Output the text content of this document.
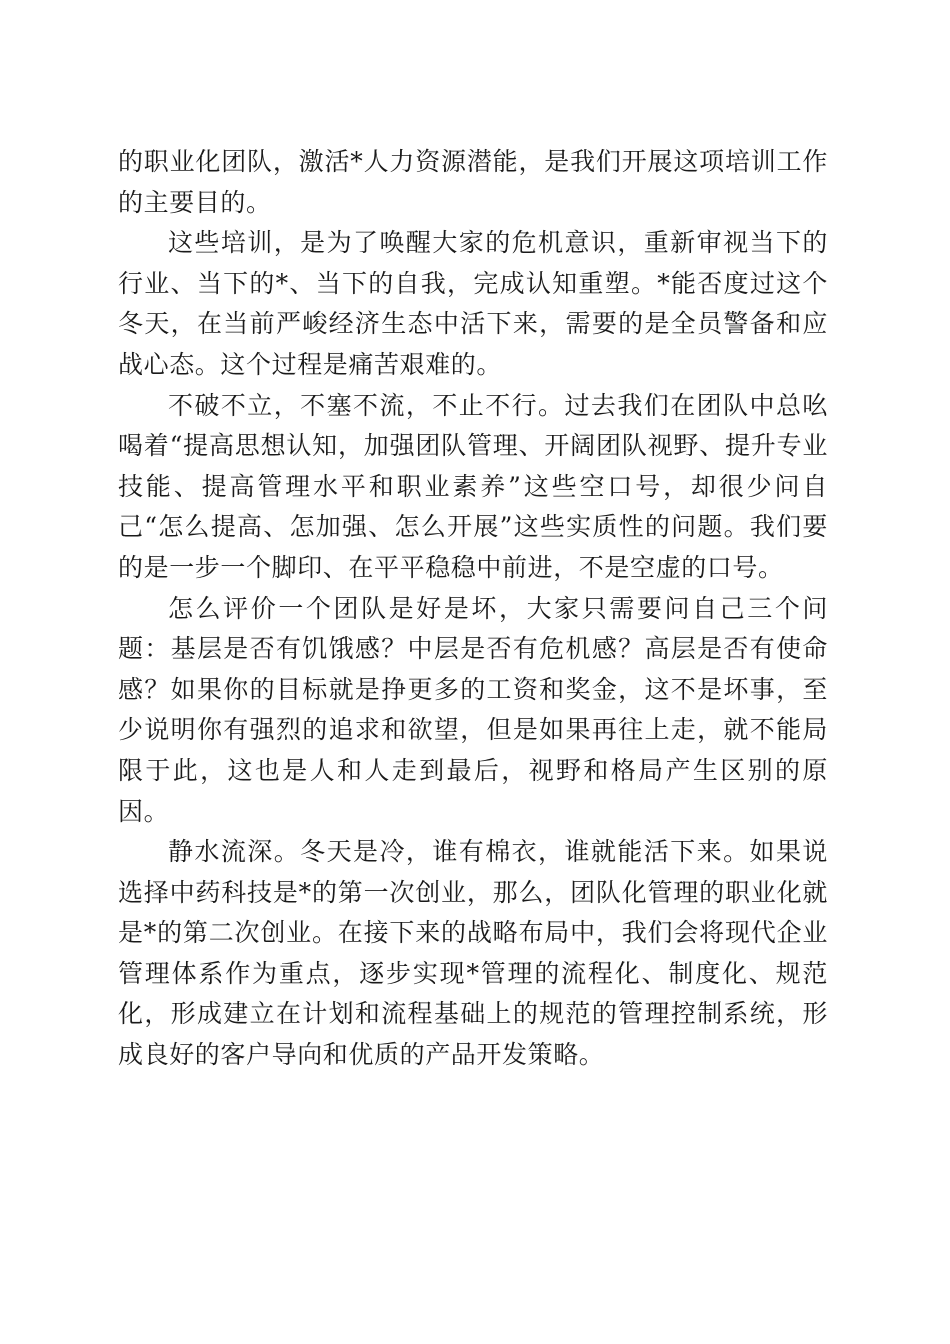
的职业化团队，激活*人力资源潜能，是我们开展这项培训工作的主要目的。

这些培训，是为了唤醒大家的危机意识，重新审视当下的行业、当下的*、当下的自我，完成认知重塑。*能否度过这个冬天，在当前严峻经济生态中活下来，需要的是全员警备和应战心态。这个过程是痛苦艰难的。

不破不立，不塞不流，不止不行。过去我们在团队中总吆喝着“提高思想认知，加强团队管理、开阔团队视野、提升专业技能、提高管理水平和职业素养”这些空口号，却很少问自己“怎么提高、怎加强、怎么开展”这些实质性的问题。我们要的是一步一个脚印、在平平稳稳中前进，不是空虚的口号。

怎么评价一个团队是好是坏，大家只需要问自己三个问题：基层是否有饥饿感？中层是否有危机感？高层是否有使命感？如果你的目标就是挣更多的工资和奖金，这不是坏事，至少说明你有强烈的追求和欲望，但是如果再往上走，就不能局限于此，这也是人和人走到最后，视野和格局产生区别的原因。

静水流深。冬天是冷，谁有棉衣，谁就能活下来。如果说选择中药科技是*的第一次创业，那么，团队化管理的职业化就是*的第二次创业。在接下来的战略布局中，我们会将现代企业管理体系作为重点，逐步实现*管理的流程化、制度化、规范化，形成建立在计划和流程基础上的规范的管理控制系统，形成良好的客户导向和优质的产品开发策略。
